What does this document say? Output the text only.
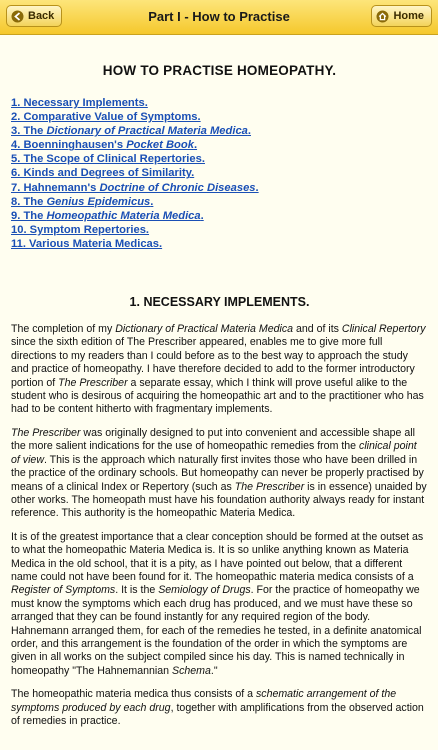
Back	Part I - How to Practise	Home
HOW TO PRACTISE HOMEOPATHY.
1. Necessary Implements.
2. Comparative Value of Symptoms.
3. The Dictionary of Practical Materia Medica.
4. Boenninghausen's Pocket Book.
5. The Scope of Clinical Repertories.
6. Kinds and Degrees of Similarity.
7. Hahnemann's Doctrine of Chronic Diseases.
8. The Genius Epidemicus.
9. The Homeopathic Materia Medica.
10. Symptom Repertories.
11. Various Materia Medicas.
1. NECESSARY IMPLEMENTS.

The completion of my Dictionary of Practical Materia Medica and of its Clinical Repertory since the sixth edition of The Prescriber appeared, enables me to give more full directions to my readers than I could before as to the best way to approach the study and practice of homeopathy. I have therefore decided to add to the former introductory portion of The Prescriber a separate essay, which I think will prove useful alike to the student who is desirous of acquiring the homeopathic art and to the practitioner who has had to be content hitherto with fragmentary implements.

The Prescriber was originally designed to put into convenient and accessible shape all the more salient indications for the use of homeopathic remedies from the clinical point of view. This is the approach which naturally first invites those who have been drilled in the practice of the ordinary schools. But homeopathy can never be properly practised by means of a clinical Index or Repertory (such as The Prescriber is in essence) unaided by other works. The homeopath must have his foundation authority always ready for instant reference. This authority is the homeopathic Materia Medica.

It is of the greatest importance that a clear conception should be formed at the outset as to what the homeopathic Materia Medica is. It is so unlike anything known as Materia Medica in the old school, that it is a pity, as I have pointed out below, that a different name could not have been found for it. The homeopathic materia medica consists of a Register of Symptoms. It is the Semiology of Drugs. For the practice of homeopathy we must know the symptoms which each drug has produced, and we must have these so arranged that they can be found instantly for any required region of the body. Hahnemann arranged them, for each of the remedies he tested, in a definite anatomical order, and this arrangement is the foundation of the order in which the symptoms are given in all works on the subject compiled since his day. This is named technically in homeopathy "The Hahnemannian Schema."

The homeopathic materia medica thus consists of a schematic arrangement of the symptoms produced by each drug, together with amplifications from the observed action of remedies in practice.
